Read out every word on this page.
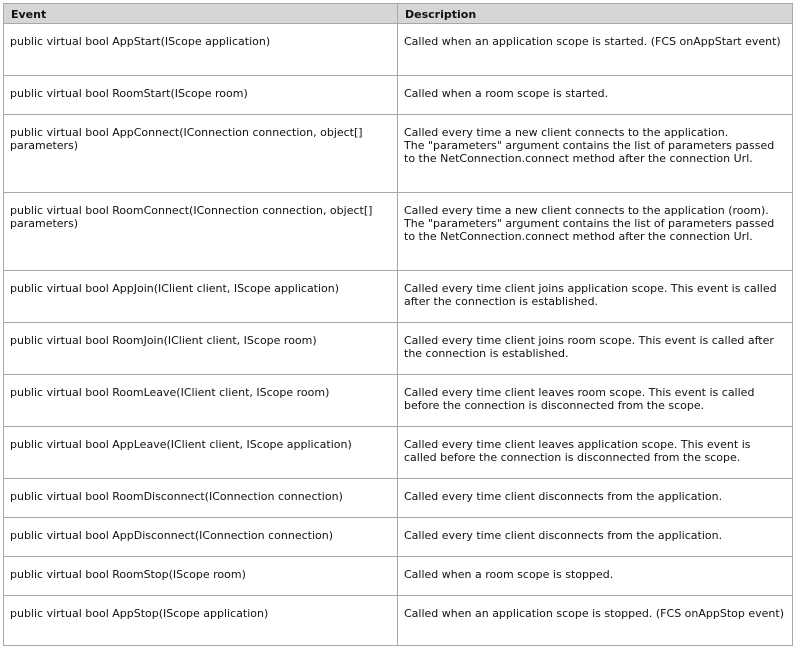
Event	Description
public virtual bool AppStart(IScope application)	Called when an application scope is started. (FCS onAppStart event)
public virtual bool RoomStart(IScope room)	Called when a room scope is started.
public virtual bool AppConnect(IConnection connection, object[] parameters)	Called every time a new client connects to the application.
The "parameters" argument contains the list of parameters passed to the NetConnection.connect method after the connection Url.
public virtual bool RoomConnect(IConnection connection, object[] parameters)	Called every time a new client connects to the application (room).
The "parameters" argument contains the list of parameters passed to the NetConnection.connect method after the connection Url.
public virtual bool AppJoin(IClient client, IScope application)	Called every time client joins application scope. This event is called after the connection is established.
public virtual bool RoomJoin(IClient client, IScope room)	Called every time client joins room scope. This event is called after the connection is established.
public virtual bool RoomLeave(IClient client, IScope room)	Called every time client leaves room scope. This event is called before the connection is disconnected from the scope.
public virtual bool AppLeave(IClient client, IScope application)	Called every time client leaves application scope. This event is called before the connection is disconnected from the scope.
public virtual bool RoomDisconnect(IConnection connection)	Called every time client disconnects from the application.
public virtual bool AppDisconnect(IConnection connection)	Called every time client disconnects from the application.
public virtual bool RoomStop(IScope room)	Called when a room scope is stopped.
public virtual bool AppStop(IScope application)	Called when an application scope is stopped. (FCS onAppStop event)
